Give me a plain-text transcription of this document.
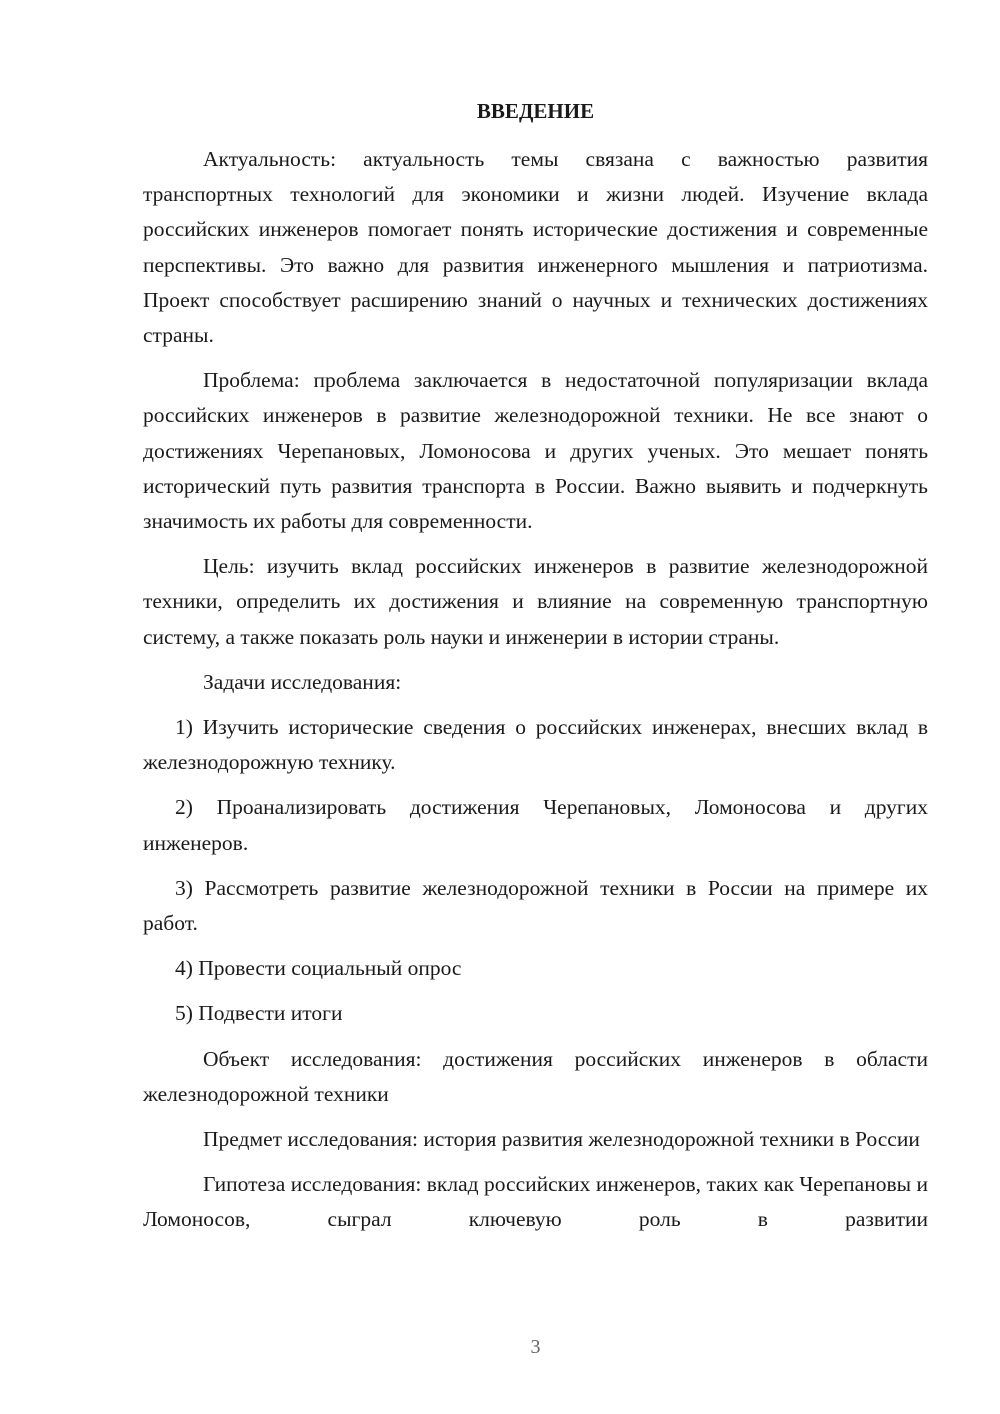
ВВЕДЕНИЕ

Актуальность: актуальность темы связана с важностью развития транспортных технологий для экономики и жизни людей. Изучение вклада российских инженеров помогает понять исторические достижения и современные перспективы. Это важно для развития инженерного мышления и патриотизма. Проект способствует расширению знаний о научных и технических достижениях страны.

Проблема: проблема заключается в недостаточной популяризации вклада российских инженеров в развитие железнодорожной техники. Не все знают о достижениях Черепановых, Ломоносова и других ученых. Это мешает понять исторический путь развития транспорта в России. Важно выявить и подчеркнуть значимость их работы для современности.

Цель: изучить вклад российских инженеров в развитие железнодорожной техники, определить их достижения и влияние на современную транспортную систему, а также показать роль науки и инженерии в истории страны.

Задачи исследования:

1) Изучить исторические сведения о российских инженерах, внесших вклад в железнодорожную технику.

2) Проанализировать достижения Черепановых, Ломоносова и других инженеров.

3) Рассмотреть развитие железнодорожной техники в России на примере их работ.

4) Провести социальный опрос

5) Подвести итоги

Объект исследования: достижения российских инженеров в области железнодорожной техники

Предмет исследования: история развития железнодорожной техники в России

Гипотеза исследования: вклад российских инженеров, таких как Черепановы и Ломоносов, сыграл ключевую роль в развитии

3
